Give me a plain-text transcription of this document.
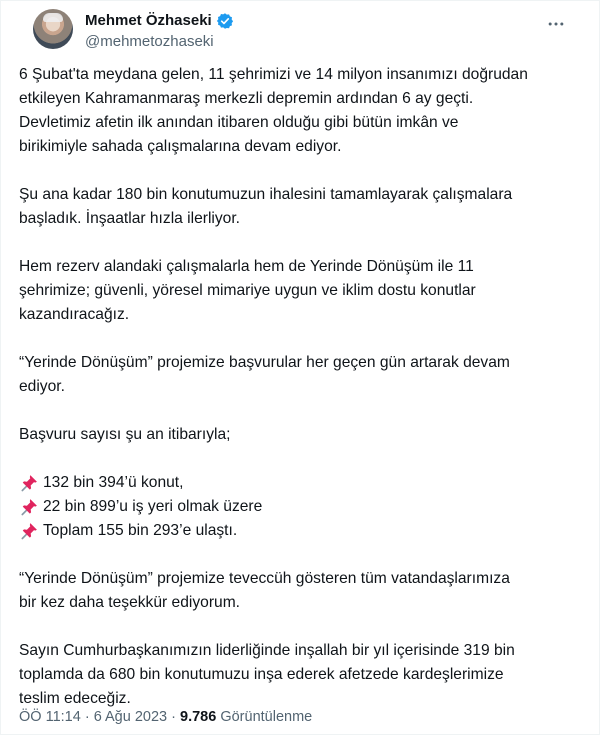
Mehmet Özhaseki
@mehmetozhaseki

6 Şubat'ta meydana gelen, 11 şehrimizi ve 14 milyon insanımızı doğrudan
etkileyen Kahramanmaraş merkezli depremin ardından 6 ay geçti.
Devletimiz afetin ilk anından itibaren olduğu gibi bütün imkân ve
birikimiyle sahada çalışmalarına devam ediyor.

Şu ana kadar 180 bin konutumuzun ihalesini tamamlayarak çalışmalara
başladık. İnşaatlar hızla ilerliyor.

Hem rezerv alandaki çalışmalarla hem de Yerinde Dönüşüm ile 11
şehrimize; güvenli, yöresel mimariye uygun ve iklim dostu konutlar
kazandıracağız.

“Yerinde Dönüşüm” projemize başvurular her geçen gün artarak devam
ediyor.

Başvuru sayısı şu an itibarıyla;

132 bin 394’ü konut,
22 bin 899’u iş yeri olmak üzere
Toplam 155 bin 293’e ulaştı.

“Yerinde Dönüşüm” projemize teveccüh gösteren tüm vatandaşlarımıza
bir kez daha teşekkür ediyorum.

Sayın Cumhurbaşkanımızın liderliğinde inşallah bir yıl içerisinde 319 bin
toplamda da 680 bin konutumuzu inşa ederek afetzede kardeşlerimize
teslim edeceğiz.

ÖÖ 11:14 · 6 Ağu 2023 · 9.786 Görüntülenme
